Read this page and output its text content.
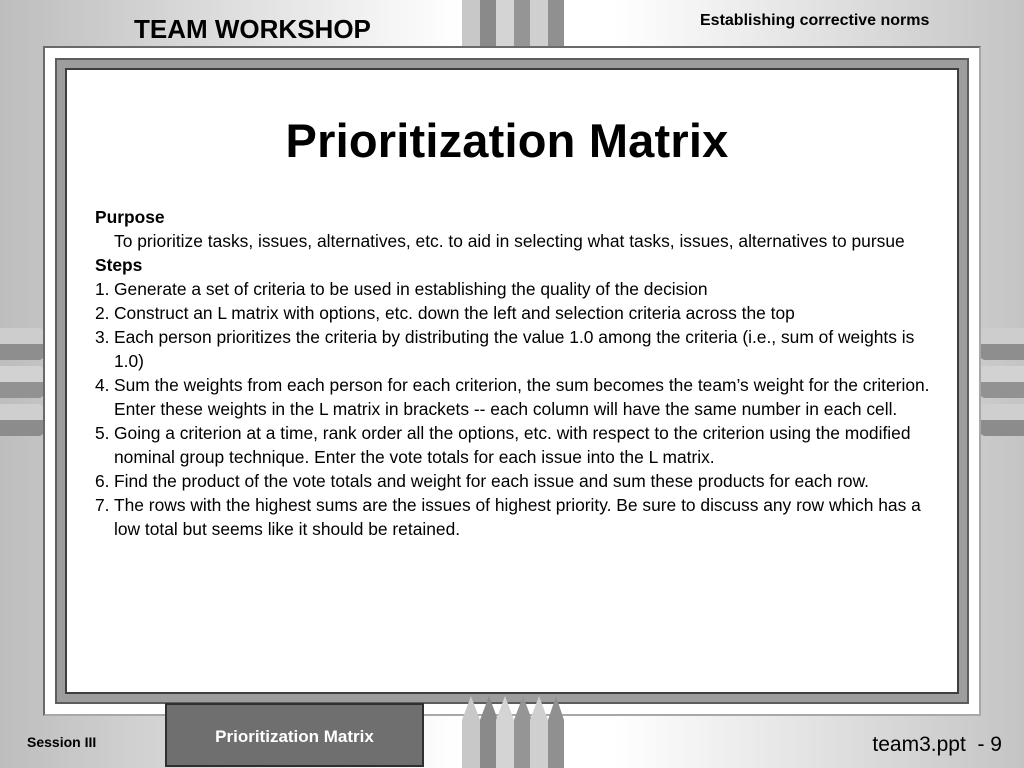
TEAM WORKSHOP	Establishing corrective norms
Prioritization Matrix
Purpose
To prioritize tasks, issues, alternatives, etc. to aid in selecting what tasks, issues, alternatives to pursue
Steps
1. Generate a set of criteria to be used in establishing the quality of the decision
2. Construct an L matrix with options, etc. down the left and selection criteria across the top
3. Each person prioritizes the criteria by distributing the value 1.0 among the criteria (i.e., sum of weights is 1.0)
4. Sum the weights from each person for each criterion, the sum becomes the team’s weight for the criterion. Enter these weights in the L matrix in brackets -- each column will have the same number in each cell.
5. Going a criterion at a time, rank order all the options, etc. with respect to the criterion using the modified nominal group technique. Enter the vote totals for each issue into the L matrix.
6. Find the product of the vote totals and weight for each issue and sum these products for each row.
7. The rows with the highest sums are the issues of highest priority. Be sure to discuss any row which has a low total but seems like it should be retained.
Prioritization Matrix
Session III	team3.ppt  - 9
